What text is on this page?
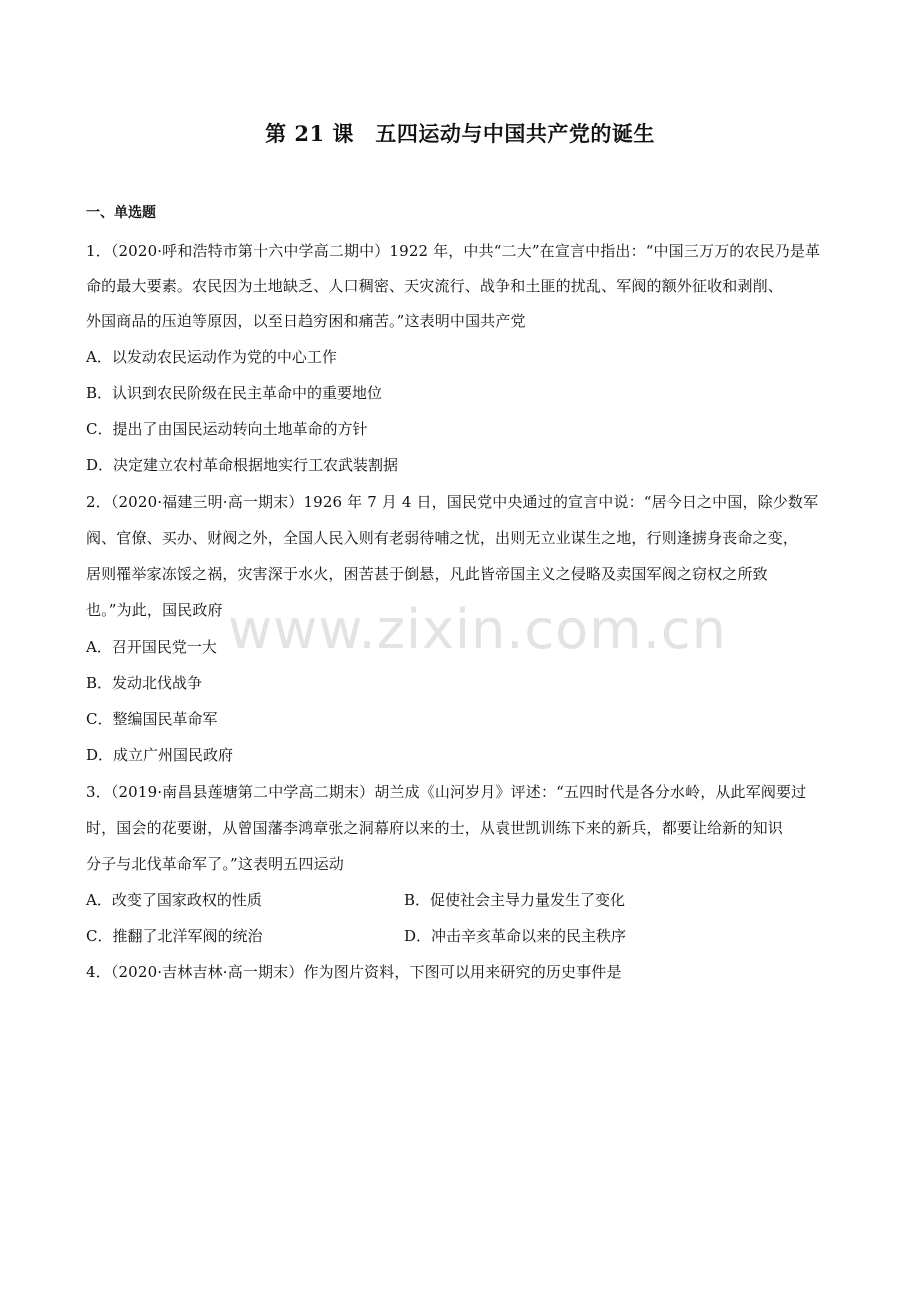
www.zixin.com.cn
第 21 课　五四运动与中国共产党的诞生
一、单选题
1．（2020·呼和浩特市第十六中学高二期中）1922 年，中共“二大”在宣言中指出：“中国三万万的农民乃是革
命的最大要素。农民因为土地缺乏、人口稠密、天灾流行、战争和土匪的扰乱、军阀的额外征收和剥削、
外国商品的压迫等原因，以至日趋穷困和痛苦。”这表明中国共产党
A．以发动农民运动作为党的中心工作
B．认识到农民阶级在民主革命中的重要地位
C．提出了由国民运动转向土地革命的方针
D．决定建立农村革命根据地实行工农武装割据
2．（2020·福建三明·高一期末）1926 年 7 月 4 日，国民党中央通过的宣言中说：“居今日之中国，除少数军
阀、官僚、买办、财阀之外，全国人民入则有老弱待哺之忧，出则无立业谋生之地，行则逢掳身丧命之变，
居则罹举家冻馁之祸，灾害深于水火，困苦甚于倒悬，凡此皆帝国主义之侵略及卖国军阀之窃权之所致
也。”为此，国民政府
A．召开国民党一大
B．发动北伐战争
C．整编国民革命军
D．成立广州国民政府
3．（2019·南昌县莲塘第二中学高二期末）胡兰成《山河岁月》评述：“五四时代是各分水岭，从此军阀要过
时，国会的花要谢，从曾国藩李鸿章张之洞幕府以来的士，从袁世凯训练下来的新兵，都要让给新的知识
分子与北伐革命军了。”这表明五四运动
A．改变了国家政权的性质	B．促使社会主导力量发生了变化
C．推翻了北洋军阀的统治	D．冲击辛亥革命以来的民主秩序
4．（2020·吉林吉林·高一期末）作为图片资料，下图可以用来研究的历史事件是
